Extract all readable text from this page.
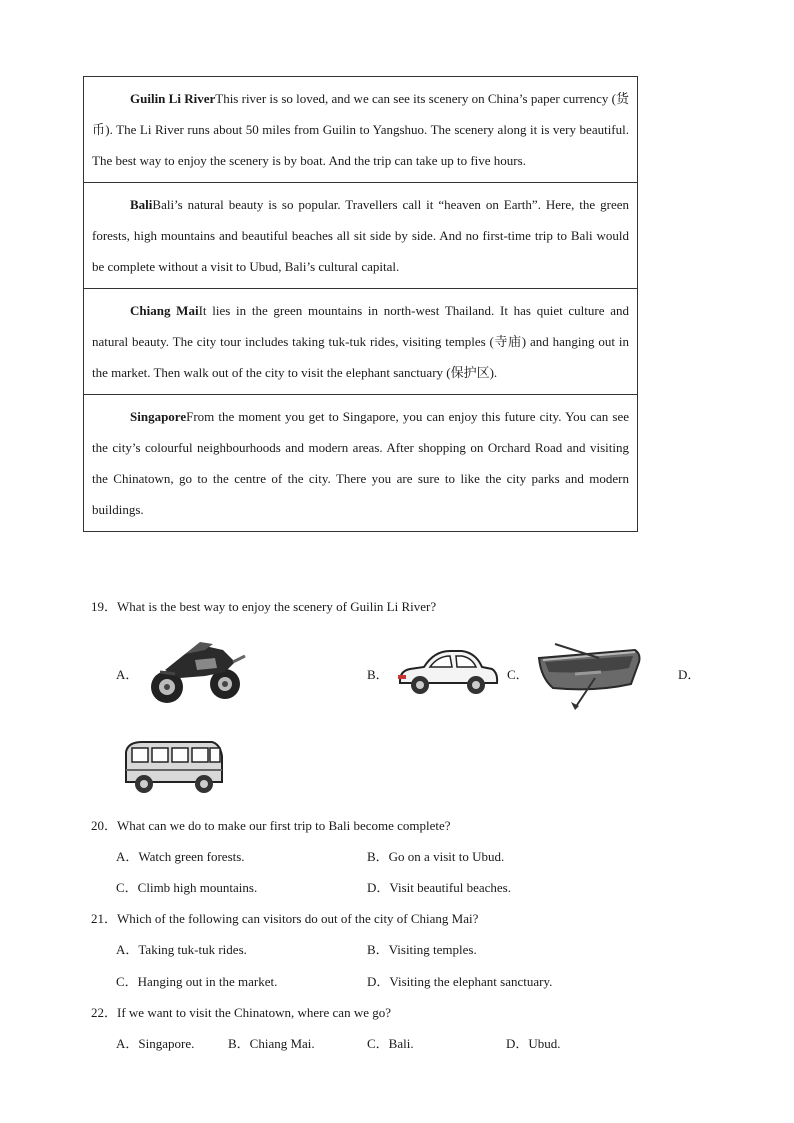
Guilin Li RiverThis river is so loved, and we can see its scenery on China’s paper currency (货币). The Li River runs about 50 miles from Guilin to Yangshuo. The scenery along it is very beautiful. The best way to enjoy the scenery is by boat. And the trip can take up to five hours.
BaliBali’s natural beauty is so popular. Travellers call it “heaven on Earth”. Here, the green forests, high mountains and beautiful beaches all sit side by side. And no first-time trip to Bali would be complete without a visit to Ubud, Bali’s cultural capital.
Chiang MaiIt lies in the green mountains in north-west Thailand. It has quiet culture and natural beauty. The city tour includes taking tuk-tuk rides, visiting temples (寺庙) and hanging out in the market. Then walk out of the city to visit the elephant sanctuary (保护区).
SingaporeFrom the moment you get to Singapore, you can enjoy this future city. You can see the city’s colourful neighbourhoods and modern areas. After shopping on Orchard Road and visiting the Chinatown, go to the centre of the city. There you are sure to like the city parks and modern buildings.
19．What is the best way to enjoy the scenery of Guilin Li River?
A．	B．	C．	D．
20．What can we do to make our first trip to Bali become complete?
A．Watch green forests.	B．Go on a visit to Ubud.
C．Climb high mountains.	D．Visit beautiful beaches.
21．Which of the following can visitors do out of the city of Chiang Mai?
A．Taking tuk-tuk rides.	B．Visiting temples.
C．Hanging out in the market.	D．Visiting the elephant sanctuary.
22．If we want to visit the Chinatown, where can we go?
A．Singapore.	B．Chiang Mai.	C．Bali.	D．Ubud.
